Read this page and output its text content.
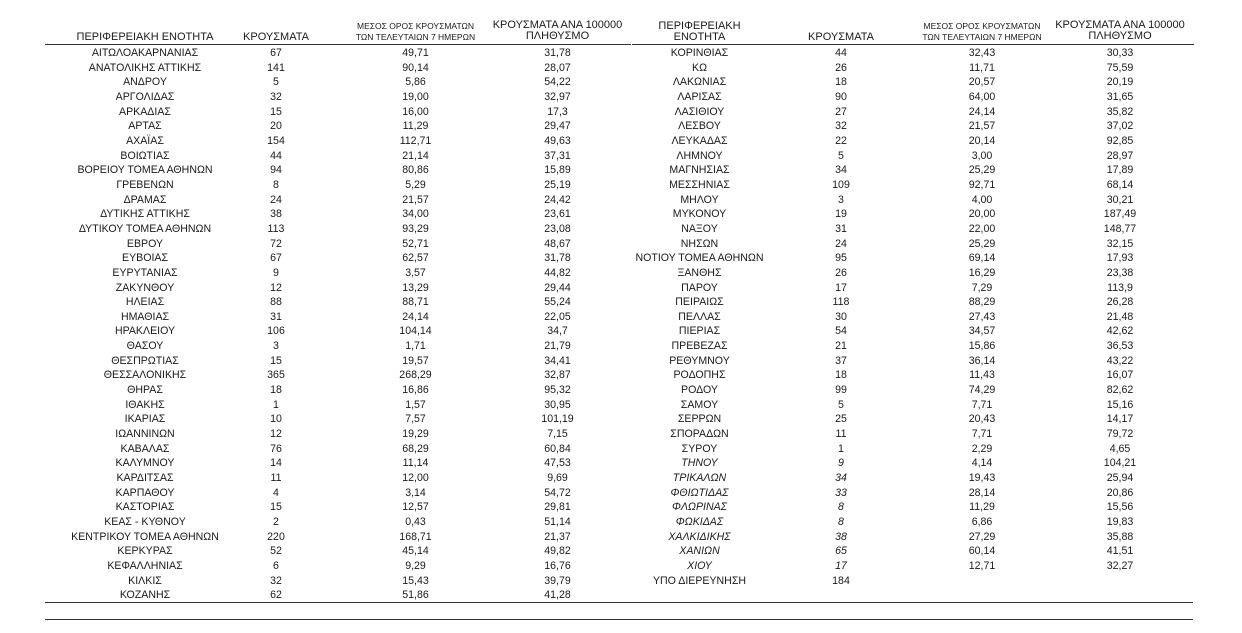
ΠΕΡΙΦΕΡΕΙΑΚΗ ΕΝΟΤΗΤΑ	ΚΡΟΥΣΜΑΤΑ
ΜΕΣΟΣ ΟΡΟΣ ΚΡΟΥΣΜΑΤΩΝ
ΤΩΝ ΤΕΛΕΥΤΑΙΩΝ 7 ΗΜΕΡΩΝ
ΚΡΟΥΣΜΑΤΑ ΑΝΑ 100000
ΠΛΗΘΥΣΜΟ
ΑΙΤΩΛΟΑΚΑΡΝΑΝΙΑΣ	67	49,71	31,78
ΑΝΑΤΟΛΙΚΗΣ ΑΤΤΙΚΗΣ	141	90,14	28,07
ΑΝΔΡΟΥ	5	5,86	54,22
ΑΡΓΟΛΙΔΑΣ	32	19,00	32,97
ΑΡΚΑΔΙΑΣ	15	16,00	17,3
ΑΡΤΑΣ	20	11,29	29,47
ΑΧΑΪΑΣ	154	112,71	49,63
ΒΟΙΩΤΙΑΣ	44	21,14	37,31
ΒΟΡΕΙΟΥ ΤΟΜΕΑ ΑΘΗΝΩΝ	94	80,86	15,89
ΓΡΕΒΕΝΩΝ	8	5,29	25,19
ΔΡΑΜΑΣ	24	21,57	24,42
ΔΥΤΙΚΗΣ ΑΤΤΙΚΗΣ	38	34,00	23,61
ΔΥΤΙΚΟΥ ΤΟΜΕΑ ΑΘΗΝΩΝ	113	93,29	23,08
ΕΒΡΟΥ	72	52,71	48,67
ΕΥΒΟΙΑΣ	67	62,57	31,78
ΕΥΡΥΤΑΝΙΑΣ	9	3,57	44,82
ΖΑΚΥΝΘΟΥ	12	13,29	29,44
ΗΛΕΙΑΣ	88	88,71	55,24
ΗΜΑΘΙΑΣ	31	24,14	22,05
ΗΡΑΚΛΕΙΟΥ	106	104,14	34,7
ΘΑΣΟΥ	3	1,71	21,79
ΘΕΣΠΡΩΤΙΑΣ	15	19,57	34,41
ΘΕΣΣΑΛΟΝΙΚΗΣ	365	268,29	32,87
ΘΗΡΑΣ	18	16,86	95,32
ΙΘΑΚΗΣ	1	1,57	30,95
ΙΚΑΡΙΑΣ	10	7,57	101,19
ΙΩΑΝΝΙΝΩΝ	12	19,29	7,15
ΚΑΒΑΛΑΣ	76	68,29	60,84
ΚΑΛΥΜΝΟΥ	14	11,14	47,53
ΚΑΡΔΙΤΣΑΣ	11	12,00	9,69
ΚΑΡΠΑΘΟΥ	4	3,14	54,72
ΚΑΣΤΟΡΙΑΣ	15	12,57	29,81
ΚΕΑΣ - ΚΥΘΝΟΥ	2	0,43	51,14
ΚΕΝΤΡΙΚΟΥ ΤΟΜΕΑ ΑΘΗΝΩΝ	220	168,71	21,37
ΚΕΡΚΥΡΑΣ	52	45,14	49,82
ΚΕΦΑΛΛΗΝΙΑΣ	6	9,29	16,76
ΚΙΛΚΙΣ	32	15,43	39,79
ΚΟΖΑΝΗΣ	62	51,86	41,28
ΠΕΡΙΦΕΡΕΙΑΚΗ ΕΝΟΤΗΤΑ	ΚΡΟΥΣΜΑΤΑ
ΜΕΣΟΣ ΟΡΟΣ ΚΡΟΥΣΜΑΤΩΝ
ΤΩΝ ΤΕΛΕΥΤΑΙΩΝ 7 ΗΜΕΡΩΝ
ΚΡΟΥΣΜΑΤΑ ΑΝΑ 100000
ΠΛΗΘΥΣΜΟ
ΚΟΡΙΝΘΙΑΣ	44	32,43	30,33
ΚΩ	26	11,71	75,59
ΛΑΚΩΝΙΑΣ	18	20,57	20,19
ΛΑΡΙΣΑΣ	90	64,00	31,65
ΛΑΣΙΘΙΟΥ	27	24,14	35,82
ΛΕΣΒΟΥ	32	21,57	37,02
ΛΕΥΚΑΔΑΣ	22	20,14	92,85
ΛΗΜΝΟΥ	5	3,00	28,97
ΜΑΓΝΗΣΙΑΣ	34	25,29	17,89
ΜΕΣΣΗΝΙΑΣ	109	92,71	68,14
ΜΗΛΟΥ	3	4,00	30,21
ΜΥΚΟΝΟΥ	19	20,00	187,49
ΝΑΞΟΥ	31	22,00	148,77
ΝΗΣΩΝ	24	25,29	32,15
ΝΟΤΙΟΥ ΤΟΜΕΑ ΑΘΗΝΩΝ	95	69,14	17,93
ΞΑΝΘΗΣ	26	16,29	23,38
ΠΑΡΟΥ	17	7,29	113,9
ΠΕΙΡΑΙΩΣ	118	88,29	26,28
ΠΕΛΛΑΣ	30	27,43	21,48
ΠΙΕΡΙΑΣ	54	34,57	42,62
ΠΡΕΒΕΖΑΣ	21	15,86	36,53
ΡΕΘΥΜΝΟΥ	37	36,14	43,22
ΡΟΔΟΠΗΣ	18	11,43	16,07
ΡΟΔΟΥ	99	74,29	82,62
ΣΑΜΟΥ	5	7,71	15,16
ΣΕΡΡΩΝ	25	20,43	14,17
ΣΠΟΡΑΔΩΝ	11	7,71	79,72
ΣΥΡΟΥ	1	2,29	4,65
ΤΗΝΟΥ	9	4,14	104,21
ΤΡΙΚΑΛΩΝ	34	19,43	25,94
ΦΘΙΩΤΙΔΑΣ	33	28,14	20,86
ΦΛΩΡΙΝΑΣ	8	11,29	15,56
ΦΩΚΙΔΑΣ	8	6,86	19,83
ΧΑΛΚΙΔΙΚΗΣ	38	27,29	35,88
ΧΑΝΙΩΝ	65	60,14	41,51
ΧΙΟΥ	17	12,71	32,27
ΥΠΟ ΔΙΕΡΕΥΝΗΣΗ	184
